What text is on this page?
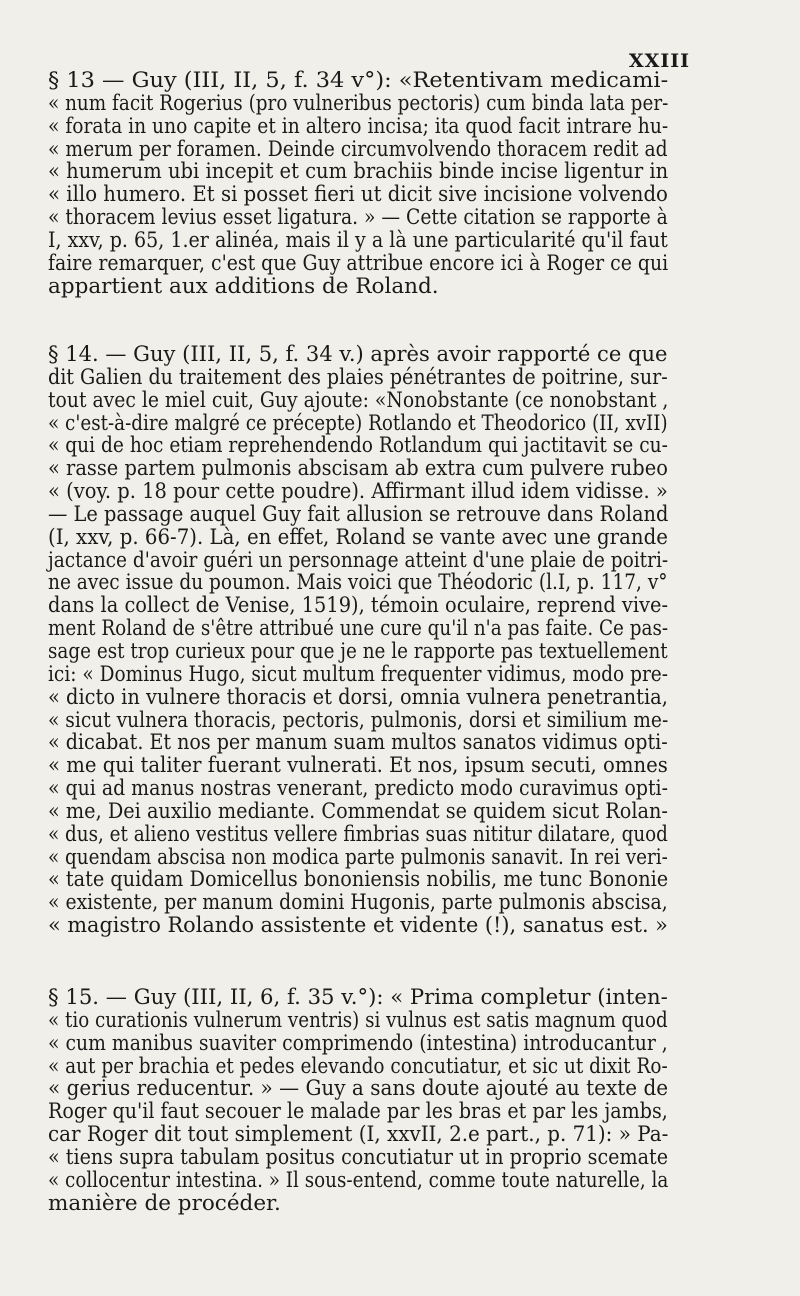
XXIII
§ 13 — Guy (III, II, 5, f. 34 v°): «Retentivam medicami-
« num facit Rogerius (pro vulneribus pectoris) cum binda lata per-
« forata in uno capite et in altero incisa; ita quod facit intrare hu-
« merum per foramen. Deinde circumvolvendo thoracem redit ad
« humerum ubi incepit et cum brachiis binde incise ligentur in
« illo humero. Et si posset fieri ut dicit sive incisione volvendo
« thoracem levius esset ligatura. » — Cette citation se rapporte à
I, xxv, p. 65, 1.er alinéa, mais il y a là une particularité qu'il faut
faire remarquer, c'est que Guy attribue encore ici à Roger ce qui
appartient aux additions de Roland.
§ 14. — Guy (III, II, 5, f. 34 v.) après avoir rapporté ce que
dit Galien du traitement des plaies pénétrantes de poitrine, sur-
tout avec le miel cuit, Guy ajoute: «Nonobstante (ce nonobstant ,
« c'est-à-dire malgré ce précepte) Rotlando et Theodorico (II, xvII)
« qui de hoc etiam reprehendendo Rotlandum qui jactitavit se cu-
« rasse partem pulmonis abscisam ab extra cum pulvere rubeo
« (voy. p. 18 pour cette poudre). Affirmant illud idem vidisse. »
— Le passage auquel Guy fait allusion se retrouve dans Roland
(I, xxv, p. 66-7). Là, en effet, Roland se vante avec une grande
jactance d'avoir guéri un personnage atteint d'une plaie de poitri-
ne avec issue du poumon. Mais voici que Théodoric (l.I, p. 117, v°
dans la collect de Venise, 1519), témoin oculaire, reprend vive-
ment Roland de s'être attribué une cure qu'il n'a pas faite. Ce pas-
sage est trop curieux pour que je ne le rapporte pas textuellement
ici: « Dominus Hugo, sicut multum frequenter vidimus, modo pre-
« dicto in vulnere thoracis et dorsi, omnia vulnera penetrantia,
« sicut vulnera thoracis, pectoris, pulmonis, dorsi et similium me-
« dicabat. Et nos per manum suam multos sanatos vidimus opti-
« me qui taliter fuerant vulnerati. Et nos, ipsum secuti, omnes
« qui ad manus nostras venerant, predicto modo curavimus opti-
« me, Dei auxilio mediante. Commendat se quidem sicut Rolan-
« dus, et alieno vestitus vellere fimbrias suas nititur dilatare, quod
« quendam abscisa non modica parte pulmonis sanavit. In rei veri-
« tate quidam Domicellus bononiensis nobilis, me tunc Bononie
« existente, per manum domini Hugonis, parte pulmonis abscisa,
« magistro Rolando assistente et vidente (!), sanatus est. »
§ 15. — Guy (III, II, 6, f. 35 v.°): « Prima completur (inten-
« tio curationis vulnerum ventris) si vulnus est satis magnum quod
« cum manibus suaviter comprimendo (intestina) introducantur ,
« aut per brachia et pedes elevando concutiatur, et sic ut dixit Ro-
« gerius reducentur. » — Guy a sans doute ajouté au texte de
Roger qu'il faut secouer le malade par les bras et par les jambs,
car Roger dit tout simplement (I, xxvII, 2.e part., p. 71): » Pa-
« tiens supra tabulam positus concutiatur ut in proprio scemate
« collocentur intestina. » Il sous-entend, comme toute naturelle, la
manière de procéder.
